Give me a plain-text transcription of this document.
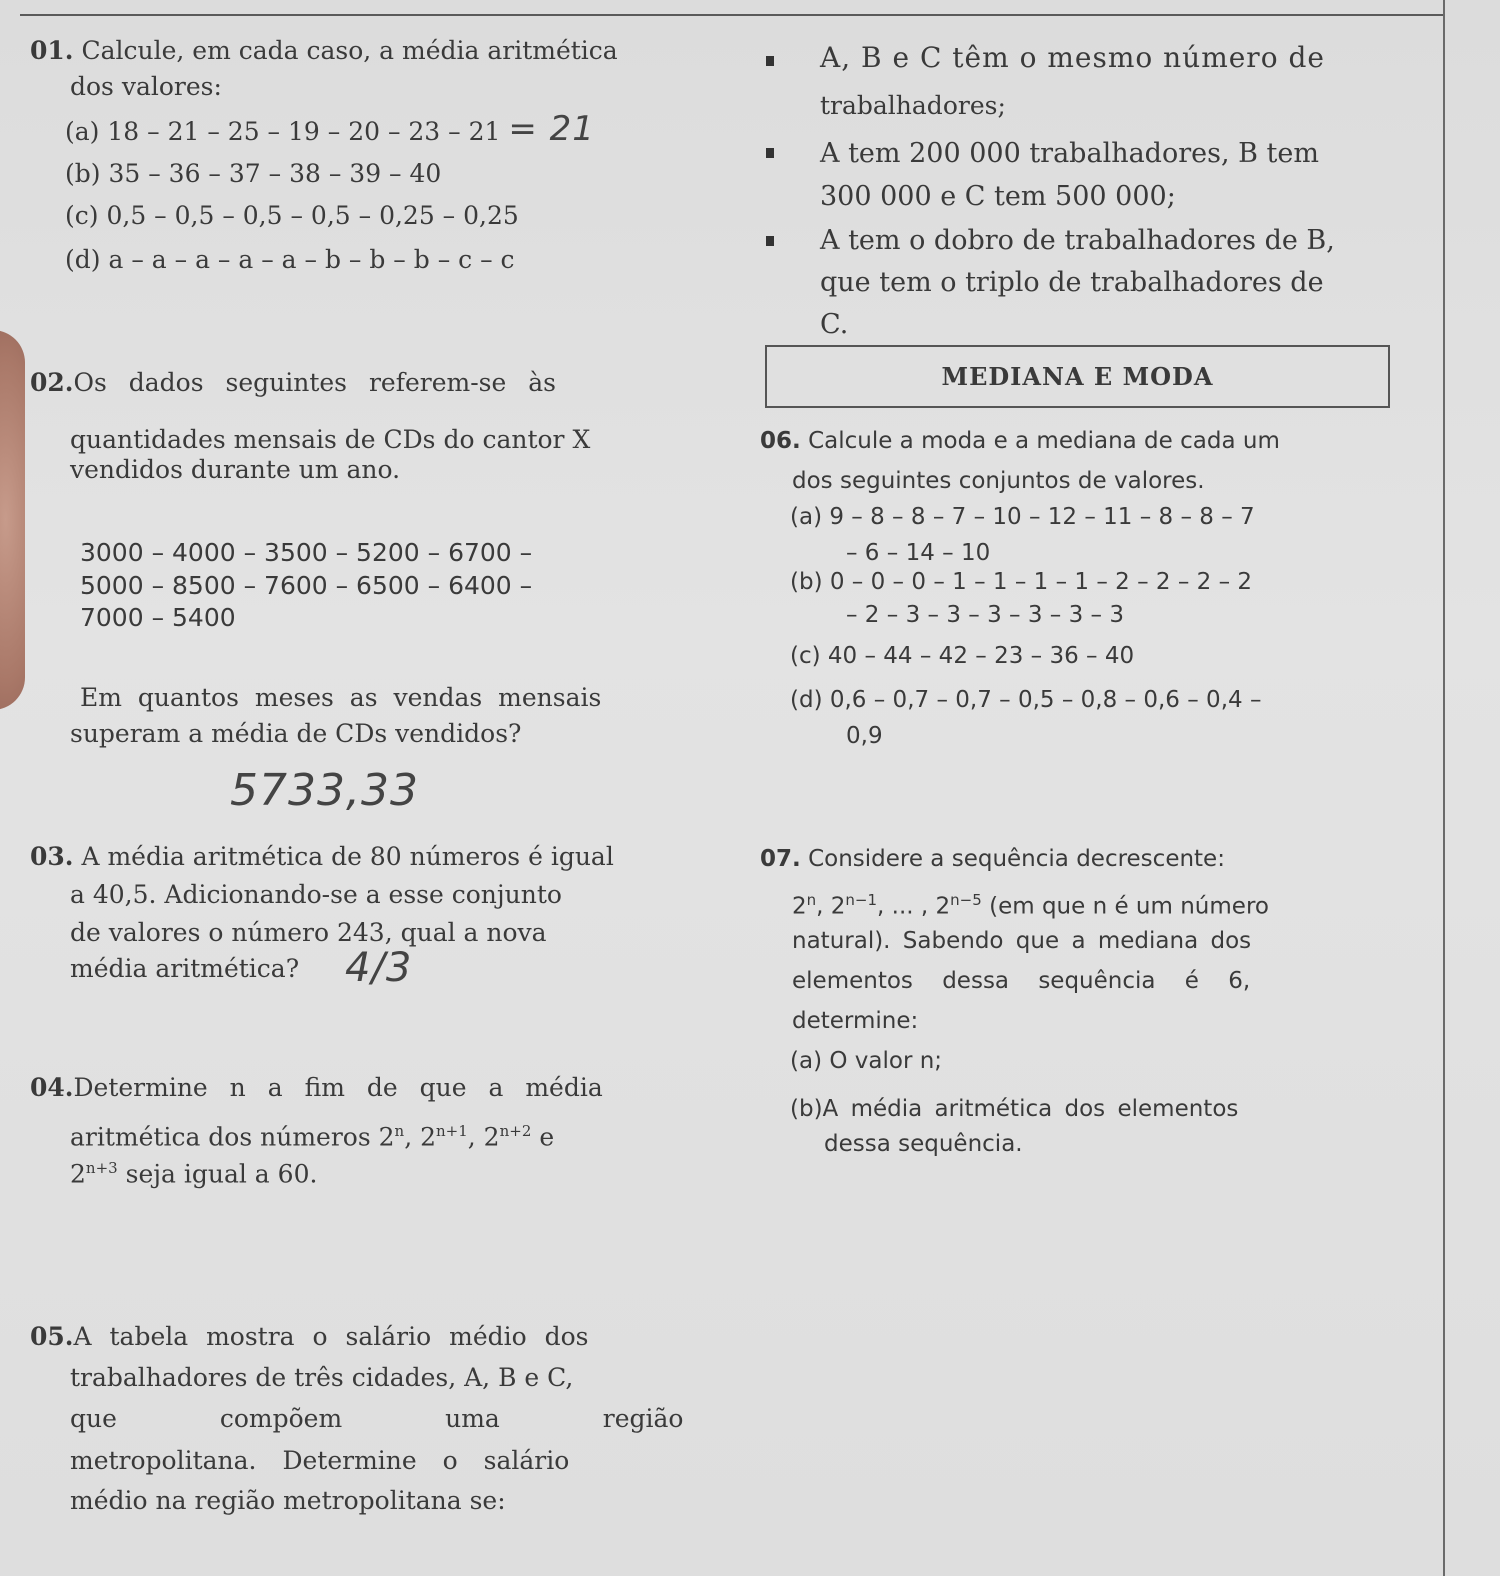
01. Calcule, em cada caso, a média aritmética
dos valores:
(a) 18 – 21 – 25 – 19 – 20 – 23 – 21 = 21
(b) 35 – 36 – 37 – 38 – 39 – 40
(c) 0,5 – 0,5 – 0,5 – 0,5 – 0,25 – 0,25
(d) a – a – a – a – a – b – b – b – c – c
02.Os dados seguintes referem-se às
quantidades mensais de CDs do cantor X
vendidos durante um ano.
3000 – 4000 – 3500 – 5200 – 6700 –
5000 – 8500 – 7600 – 6500 – 6400 –
7000 – 5400
Em quantos meses as vendas mensais
superam a média de CDs vendidos?
5733,33
03. A média aritmética de 80 números é igual
a 40,5. Adicionando-se a esse conjunto
de valores o número 243, qual a nova
média aritmética? 4/3
04.Determine n a fim de que a média
aritmética dos números 2$^n$, $2^{n+1}$, $2^{n+2}$ e
$2^{n+3}$ seja igual a 60.
05.A tabela mostra o salário médio dos
trabalhadores de três cidades, A, B e C,
que compõem uma região
metropolitana. Determine o salário
médio na região metropolitana se:
A, B e C têm o mesmo número de
trabalhadores;
A tem 200 000 trabalhadores, B tem
300 000 e C tem 500 000;
A tem o dobro de trabalhadores de B,
que tem o triplo de trabalhadores de
C.
MEDIANA E MODA
06. Calcule a moda e a mediana de cada um
dos seguintes conjuntos de valores.
(a) 9 – 8 – 8 – 7 – 10 – 12 – 11 – 8 – 8 – 7
– 6 – 14 – 10
(b) 0 – 0 – 0 – 1 – 1 – 1 – 1 – 2 – 2 – 2 – 2
– 2 – 3 – 3 – 3 – 3 – 3 – 3
(c) 40 – 44 – 42 – 23 – 36 – 40
(d) 0,6 – 0,7 – 0,7 – 0,5 – 0,8 – 0,6 – 0,4 –
0,9
07. Considere a sequência decrescente:
2$^n$, $2^{n-1}$, ... , $2^{n-5}$ (em que n é um número
natural). Sabendo que a mediana dos
elementos dessa sequência é 6,
determine:
(a) O valor n;
(b)A média aritmética dos elementos
dessa sequência.
